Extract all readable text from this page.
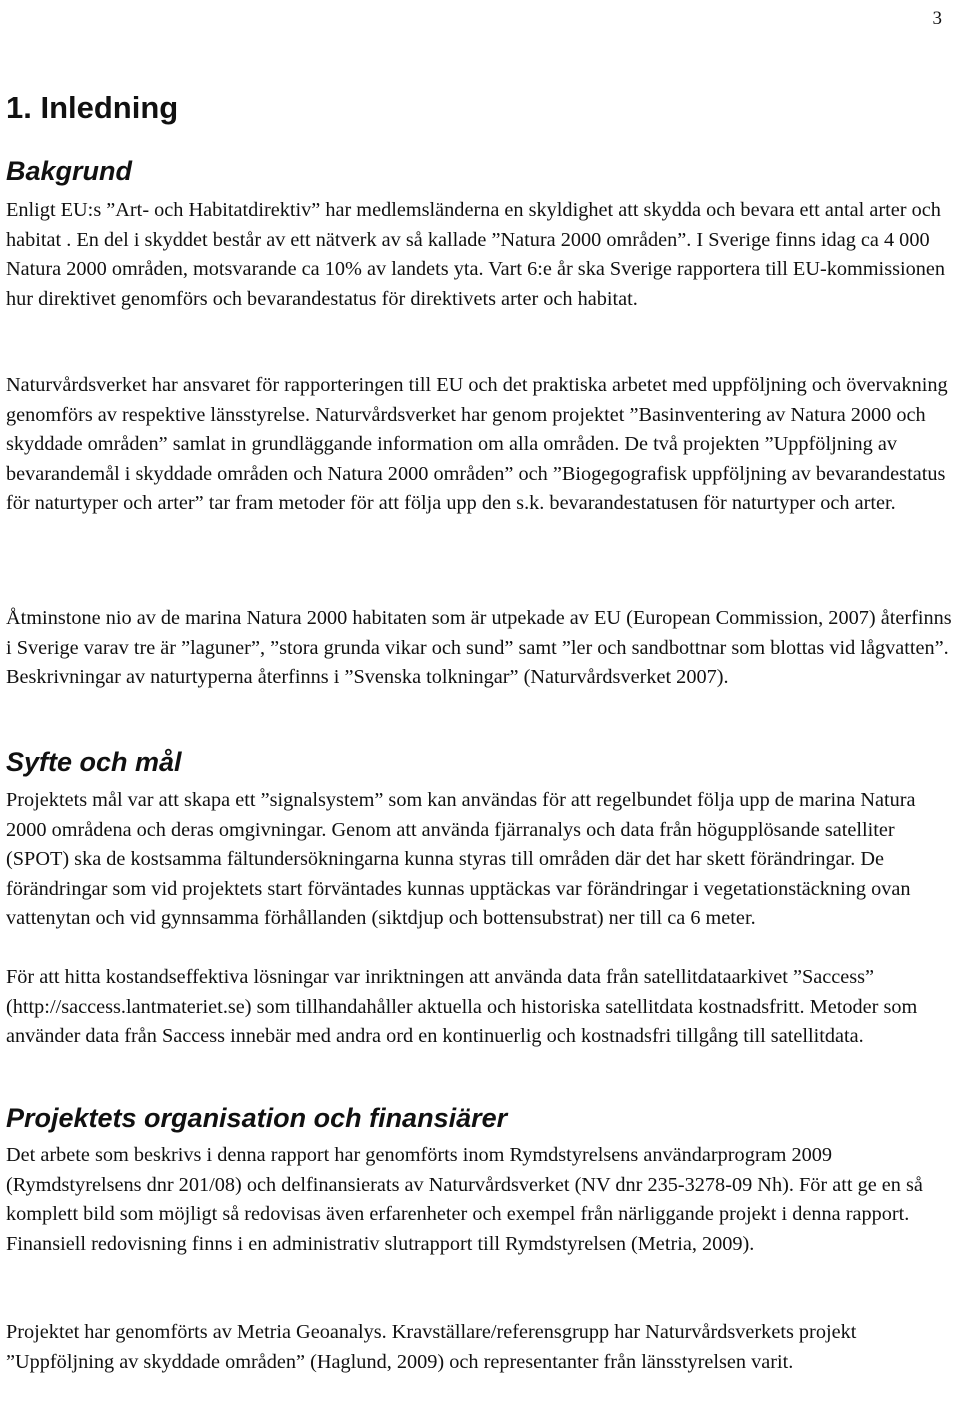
3
1. Inledning
Bakgrund

Enligt EU:s ”Art- och Habitatdirektiv” har medlemsländerna en skyldighet att skydda och bevara ett antal arter och habitat . En del i skyddet består av ett nätverk av så kallade ”Natura 2000 områden”. I Sverige finns idag ca 4 000 Natura 2000 områden, motsvarande ca 10% av landets yta. Vart 6:e år ska Sverige rapportera till EU-kommissionen hur direktivet genomförs och bevarandestatus för direktivets arter och habitat.

Naturvårdsverket har ansvaret för rapporteringen till EU och det praktiska arbetet med uppföljning och övervakning genomförs av respektive länsstyrelse. Naturvårdsverket har genom projektet ”Basinventering av Natura 2000 och skyddade områden” samlat in grundläggande information om alla områden. De två projekten ”Uppföljning av bevarandemål i skyddade områden och Natura 2000 områden” och ”Biogegografisk uppföljning av bevarandestatus för naturtyper och arter” tar fram metoder för att följa upp den s.k. bevarandestatusen för naturtyper och arter.

Åtminstone nio av de marina Natura 2000 habitaten som är utpekade av EU (European Commission, 2007) återfinns i Sverige varav tre är ”laguner”, ”stora grunda vikar och sund” samt ”ler och sandbottnar som blottas vid lågvatten”. Beskrivningar av naturtyperna återfinns i ”Svenska tolkningar” (Naturvårdsverket 2007).

Syfte och mål

Projektets mål var att skapa ett ”signalsystem” som kan användas för att regelbundet följa upp de marina Natura 2000 områdena och deras omgivningar. Genom att använda fjärranalys och data från högupplösande satelliter (SPOT) ska de kostsamma fältundersökningarna kunna styras till områden där det har skett förändringar. De förändringar som vid projektets start förväntades kunnas upptäckas var förändringar i vegetationstäckning ovan vattenytan och vid gynnsamma förhållanden (siktdjup och bottensubstrat) ner till ca 6 meter.

För att hitta kostandseffektiva lösningar var inriktningen att använda data från satellitdataarkivet ”Saccess” (http://saccess.lantmateriet.se) som tillhandahåller aktuella och historiska satellitdata kostnadsfritt. Metoder som använder data från Saccess innebär med andra ord en kontinuerlig och kostnadsfri tillgång till satellitdata.

Projektets organisation och finansiärer

Det arbete som beskrivs i denna rapport har genomförts inom Rymdstyrelsens användarprogram 2009 (Rymdstyrelsens dnr 201/08) och delfinansierats av Naturvårdsverket (NV dnr 235-3278-09 Nh). För att ge en så komplett bild som möjligt så redovisas även erfarenheter och exempel från närliggande projekt i denna rapport. Finansiell redovisning finns i en administrativ slutrapport till Rymdstyrelsen (Metria, 2009).

Projektet har genomförts av Metria Geoanalys. Kravställare/referensgrupp har Naturvårdsverkets projekt ”Uppföljning av skyddade områden” (Haglund, 2009) och representanter från länsstyrelsen varit.
